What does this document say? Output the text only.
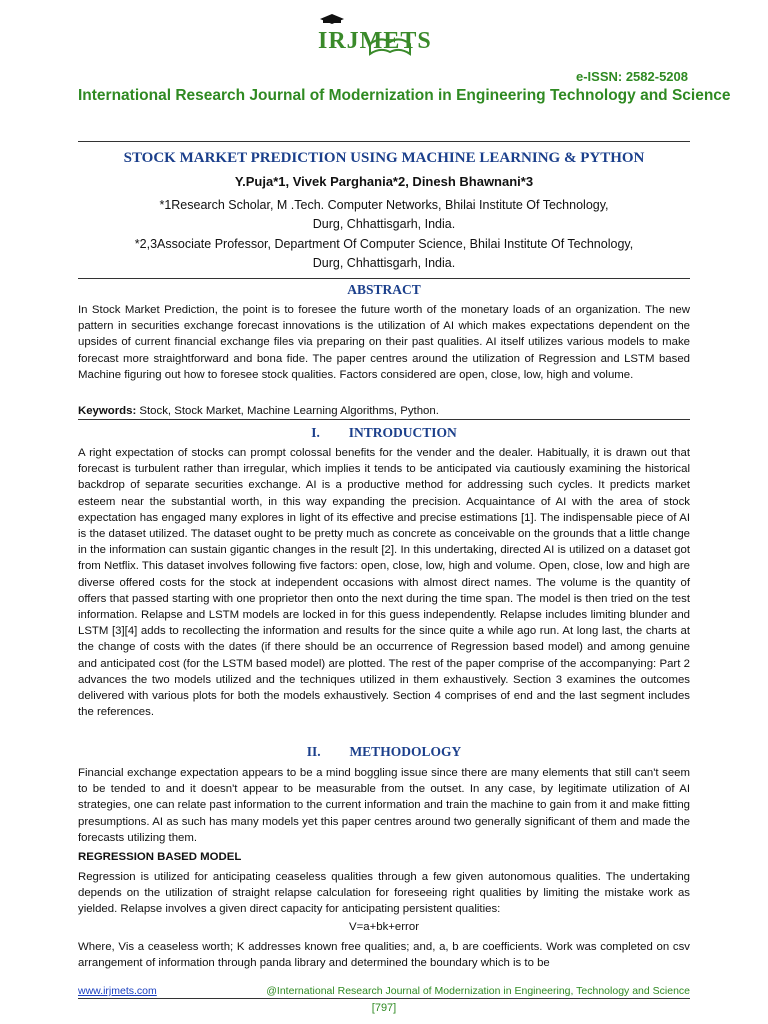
IRJMETS
e-ISSN: 2582-5208
International Research Journal of Modernization in Engineering Technology and Science
STOCK MARKET PREDICTION USING MACHINE LEARNING & PYTHON
Y.Puja*1, Vivek Parghania*2, Dinesh Bhawnani*3
*1Research Scholar, M .Tech. Computer Networks, Bhilai Institute Of Technology,
Durg, Chhattisgarh, India.
*2,3Associate Professor, Department Of Computer Science, Bhilai Institute Of Technology,
Durg, Chhattisgarh, India.
ABSTRACT

In Stock Market Prediction, the point is to foresee the future worth of the monetary loads of an organization. The new pattern in securities exchange forecast innovations is the utilization of AI which makes expectations dependent on the upsides of current financial exchange files via preparing on their past qualities. AI itself utilizes various models to make forecast more straightforward and bona fide. The paper centres around the utilization of Regression and LSTM based Machine figuring out how to foresee stock qualities. Factors considered are open, close, low, high and volume.

Keywords: Stock, Stock Market, Machine Learning Algorithms, Python.

I. INTRODUCTION

A right expectation of stocks can prompt colossal benefits for the vender and the dealer. Habitually, it is drawn out that forecast is turbulent rather than irregular, which implies it tends to be anticipated via cautiously examining the historical backdrop of separate securities exchange. AI is a productive method for addressing such cycles. It predicts market esteem near the substantial worth, in this way expanding the precision. Acquaintance of AI with the area of stock expectation has engaged many explores in light of its effective and precise estimations [1]. The indispensable piece of AI is the dataset utilized. The dataset ought to be pretty much as concrete as conceivable on the grounds that a little change in the information can sustain gigantic changes in the result [2]. In this undertaking, directed AI is utilized on a dataset got from Netflix. This dataset involves following five factors: open, close, low, high and volume. Open, close, low and high are diverse offered costs for the stock at independent occasions with almost direct names. The volume is the quantity of offers that passed starting with one proprietor then onto the next during the time span. The model is then tried on the test information. Relapse and LSTM models are locked in for this guess independently. Relapse includes limiting blunder and LSTM [3][4] adds to recollecting the information and results for the since quite a while ago run. At long last, the charts at the change of costs with the dates (if there should be an occurrence of Regression based model) and among genuine and anticipated cost (for the LSTM based model) are plotted. The rest of the paper comprise of the accompanying: Part 2 advances the two models utilized and the techniques utilized in them exhaustively. Section 3 examines the outcomes delivered with various plots for both the models exhaustively. Section 4 comprises of end and the last segment includes the references.

II. METHODOLOGY

Financial exchange expectation appears to be a mind boggling issue since there are many elements that still can't seem to be tended to and it doesn't appear to be measurable from the outset. In any case, by legitimate utilization of AI strategies, one can relate past information to the current information and train the machine to gain from it and make fitting presumptions. AI as such has many models yet this paper centres around two generally significant of them and made the forecasts utilizing them.

REGRESSION BASED MODEL

Regression is utilized for anticipating ceaseless qualities through a few given autonomous qualities. The undertaking depends on the utilization of straight relapse calculation for foreseeing right qualities by limiting the mistake work as yielded. Relapse involves a given direct capacity for anticipating persistent qualities:

V=a+bk+error

Where, Vis a ceaseless worth; K addresses known free qualities; and, a, b are coefficients. Work was completed on csv arrangement of information through panda library and determined the boundary which is to be

www.irjmets.com	@International Research Journal of Modernization in Engineering, Technology and Science
[797]
